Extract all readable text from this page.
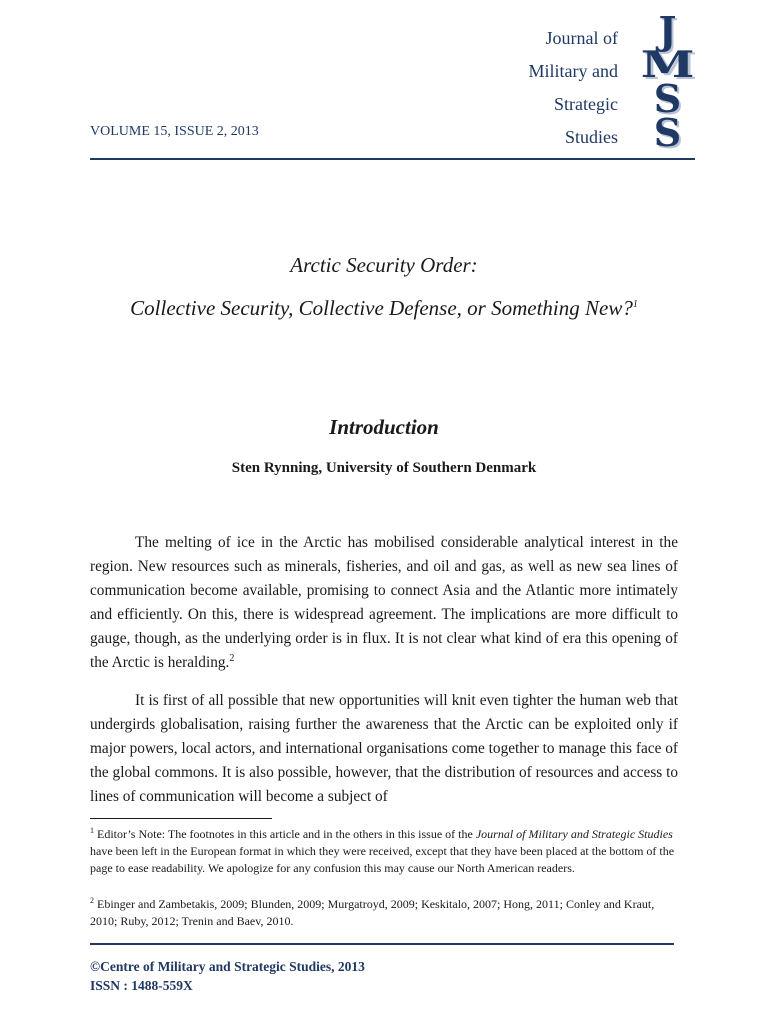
Journal of
Military and
Strategic
Studies
J
M
S
S
VOLUME 15, ISSUE 2, 2013
Arctic Security Order:
Collective Security, Collective Defense, or Something New?$^1$
Introduction
Sten Rynning, University of Southern Denmark
The melting of ice in the Arctic has mobilised considerable analytical interest in the region. New resources such as minerals, fisheries, and oil and gas, as well as new sea lines of communication become available, promising to connect Asia and the Atlantic more intimately and efficiently. On this, there is widespread agreement. The implications are more difficult to gauge, though, as the underlying order is in flux. It is not clear what kind of era this opening of the Arctic is heralding.$^2$
It is first of all possible that new opportunities will knit even tighter the human web that undergirds globalisation, raising further the awareness that the Arctic can be exploited only if major powers, local actors, and international organisations come together to manage this face of the global commons. It is also possible, however, that the distribution of resources and access to lines of communication will become a subject of
$^1$ Editor’s Note: The footnotes in this article and in the others in this issue of the Journal of Military and Strategic Studies have been left in the European format in which they were received, except that they have been placed at the bottom of the page to ease readability. We apologize for any confusion this may cause our North American readers.
$^2$ Ebinger and Zambetakis, 2009; Blunden, 2009; Murgatroyd, 2009; Keskitalo, 2007; Hong, 2011; Conley and Kraut, 2010; Ruby, 2012; Trenin and Baev, 2010.
©Centre of Military and Strategic Studies, 2013
ISSN : 1488-559X
